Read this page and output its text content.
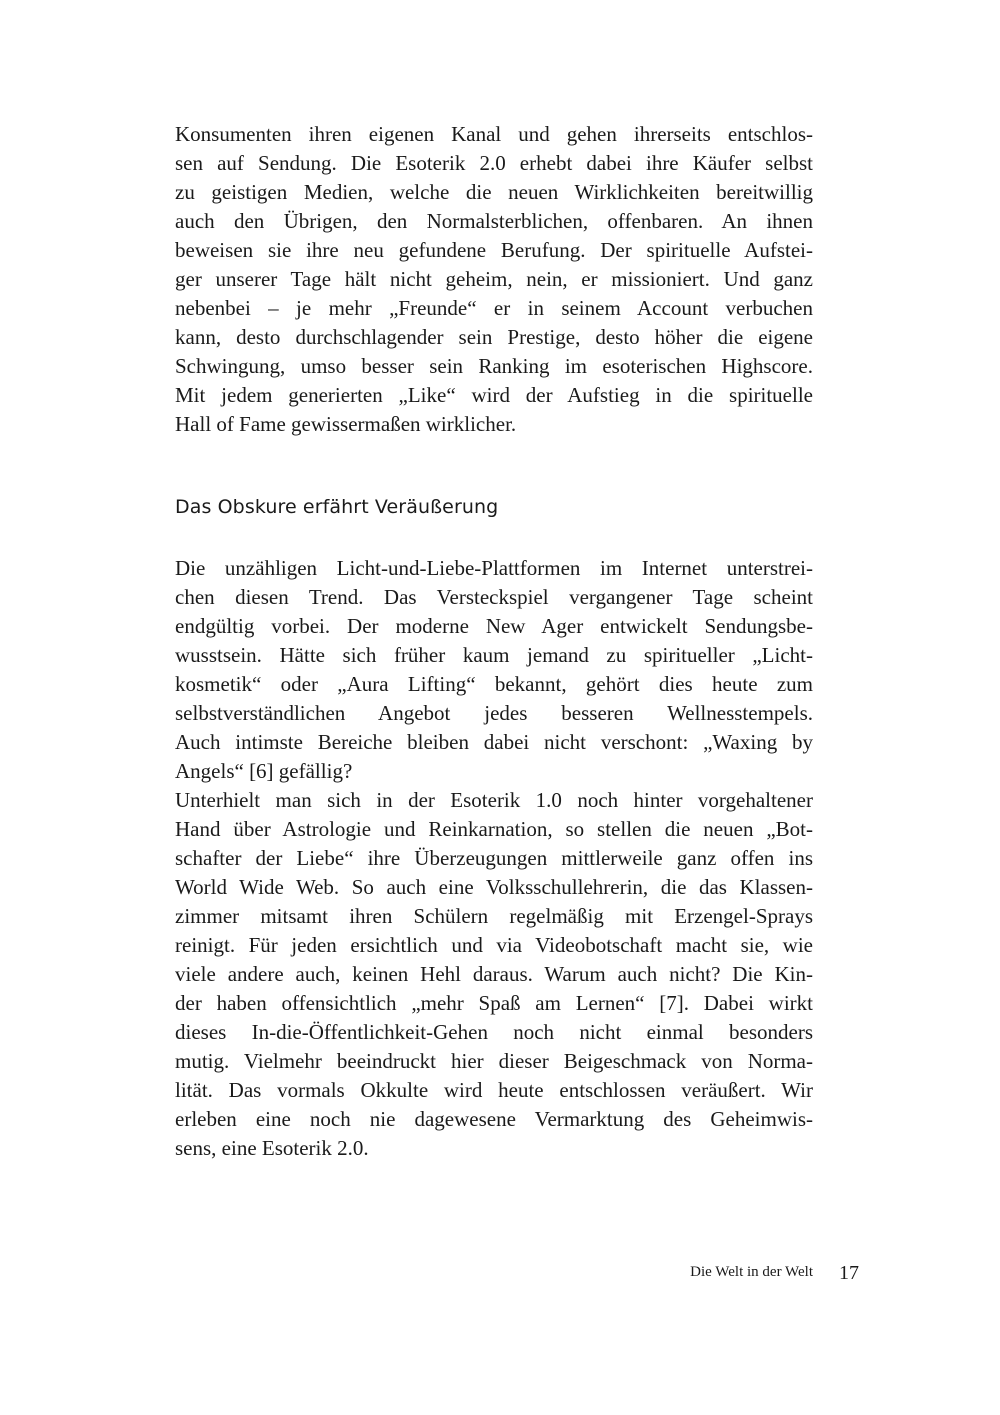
Konsumenten ihren eigenen Kanal und gehen ihrerseits entschlos-
sen auf Sendung. Die Esoterik 2.0 erhebt dabei ihre Käufer selbst
zu geistigen Medien, welche die neuen Wirklichkeiten bereitwillig
auch den Übrigen, den Normalsterblichen, offenbaren. An ihnen
beweisen sie ihre neu gefundene Berufung. Der spirituelle Aufstei-
ger unserer Tage hält nicht geheim, nein, er missioniert. Und ganz
nebenbei – je mehr „Freunde“ er in seinem Account verbuchen
kann, desto durchschlagender sein Prestige, desto höher die eigene
Schwingung, umso besser sein Ranking im esoterischen Highscore.
Mit jedem generierten „Like“ wird der Aufstieg in die spirituelle
Hall of Fame gewissermaßen wirklicher.
Das Obskure erfährt Veräußerung
Die unzähligen Licht-und-Liebe-Plattformen im Internet unterstrei-
chen diesen Trend. Das Versteckspiel vergangener Tage scheint
endgültig vorbei. Der moderne New Ager entwickelt Sendungsbe-
wusstsein. Hätte sich früher kaum jemand zu spiritueller „Licht-
kosmetik“ oder „Aura Lifting“ bekannt, gehört dies heute zum
selbstverständlichen Angebot jedes besseren Wellnesstempels.
Auch intimste Bereiche bleiben dabei nicht verschont: „Waxing by
Angels“ [6] gefällig?
Unterhielt man sich in der Esoterik 1.0 noch hinter vorgehaltener
Hand über Astrologie und Reinkarnation, so stellen die neuen „Bot-
schafter der Liebe“ ihre Überzeugungen mittlerweile ganz offen ins
World Wide Web. So auch eine Volksschullehrerin, die das Klassen-
zimmer mitsamt ihren Schülern regelmäßig mit Erzengel-Sprays
reinigt. Für jeden ersichtlich und via Videobotschaft macht sie, wie
viele andere auch, keinen Hehl daraus. Warum auch nicht? Die Kin-
der haben offensichtlich „mehr Spaß am Lernen“ [7]. Dabei wirkt
dieses In-die-Öffentlichkeit-Gehen noch nicht einmal besonders
mutig. Vielmehr beeindruckt hier dieser Beigeschmack von Norma-
lität. Das vormals Okkulte wird heute entschlossen veräußert. Wir
erleben eine noch nie dagewesene Vermarktung des Geheimwis-
sens, eine Esoterik 2.0.
Die Welt in der Welt 17
